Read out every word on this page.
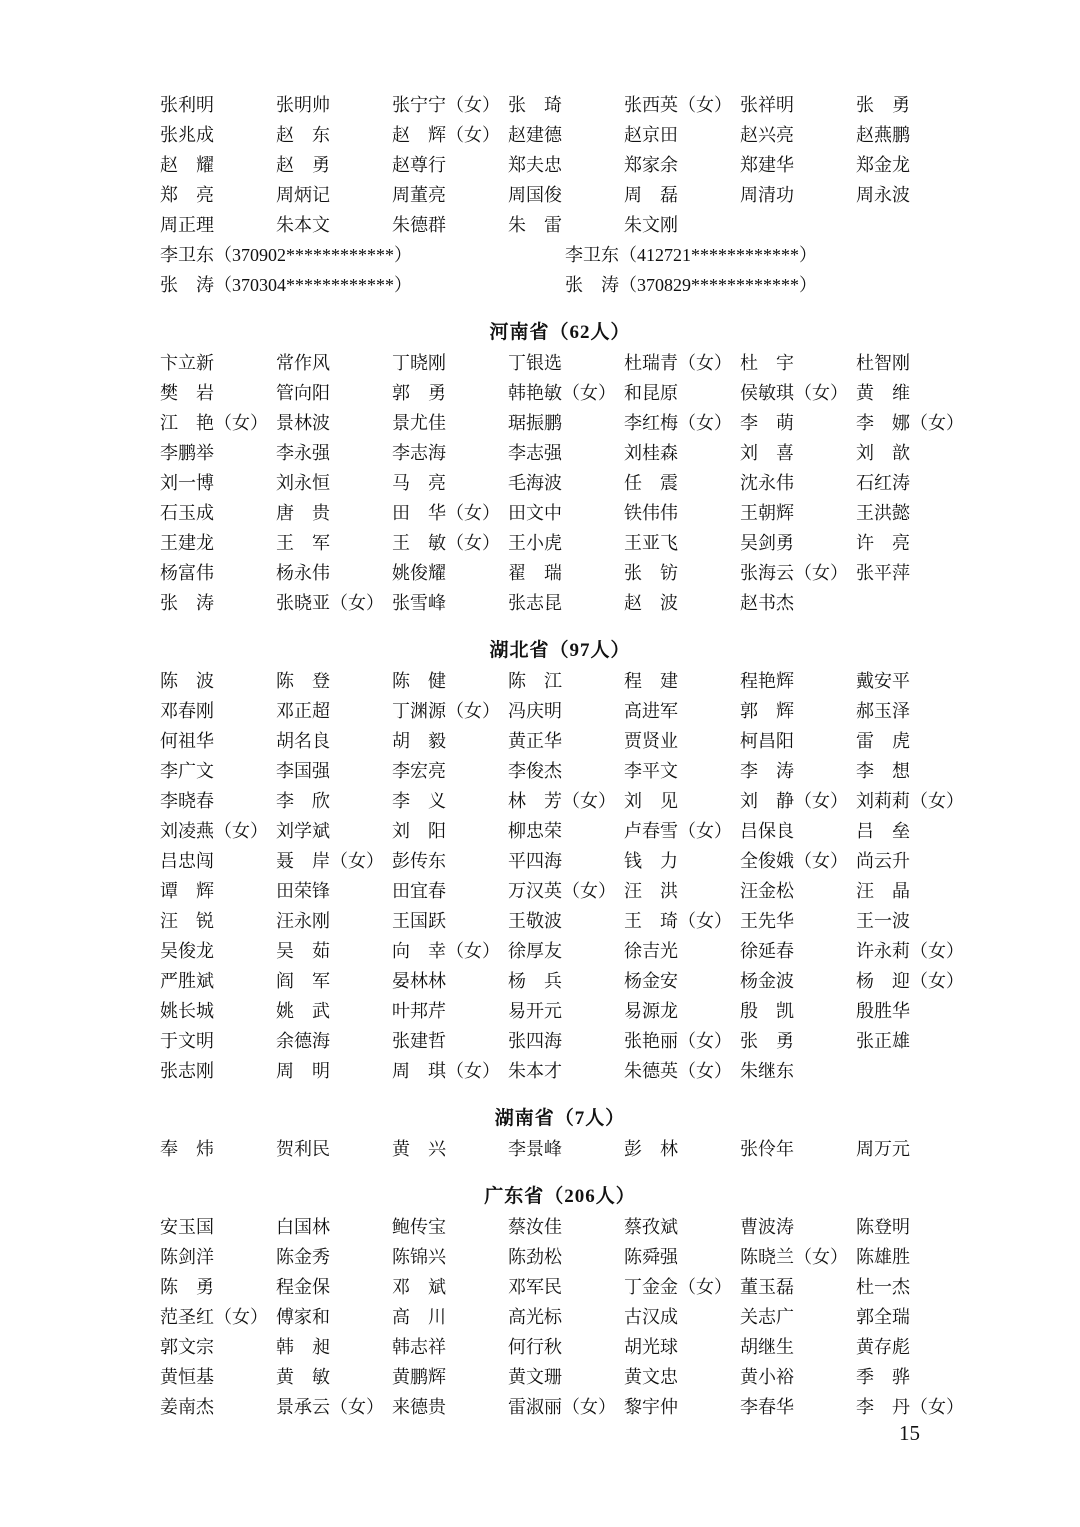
张利明	张明帅	张宁宁（女） 张　琦	张西英（女） 张祥明	张　勇
张兆成	赵　东	赵　辉（女） 赵建德	赵京田	赵兴亮	赵燕鹏
赵　耀	赵　勇	赵尊行	郑夫忠	郑家余	郑建华	郑金龙
郑　亮	周炳记	周董亮	周国俊	周　磊	周清功	周永波
周正理	朱本文	朱德群	朱　雷	朱文刚
李卫东（370902************）	李卫东（412721************）
张　涛（370304************）	张　涛（370829************）
河南省（62人）
卞立新	常作风	丁晓刚	丁银选	杜瑞青（女） 杜　宇	杜智刚
樊　岩	管向阳	郭　勇	韩艳敏（女） 和昆原	侯敏琪（女） 黄　维
江　艳（女） 景林波	景尤佳	琚振鹏	李红梅（女） 李　萌	李　娜（女）
李鹏举	李永强	李志海	李志强	刘桂森	刘　喜	刘　歆
刘一博	刘永恒	马　亮	毛海波	任　震	沈永伟	石红涛
石玉成	唐　贵	田　华（女） 田文中	铁伟伟	王朝辉	王洪懿
王建龙	王　军	王　敏（女） 王小虎	王亚飞	吴剑勇	许　亮
杨富伟	杨永伟	姚俊耀	翟　瑞	张　钫	张海云（女） 张平萍
张　涛	张晓亚（女） 张雪峰	张志昆	赵　波	赵书杰
湖北省（97人）
陈　波	陈　登	陈　健	陈　江	程　建	程艳辉	戴安平
邓春刚	邓正超	丁渊源（女） 冯庆明	高进军	郭　辉	郝玉泽
何祖华	胡名良	胡　毅	黄正华	贾贤业	柯昌阳	雷　虎
李广文	李国强	李宏亮	李俊杰	李平文	李　涛	李　想
李晓春	李　欣	李　义	林　芳（女） 刘　见	刘　静（女） 刘莉莉（女）
刘凌燕（女） 刘学斌	刘　阳	柳忠荣	卢春雪（女） 吕保良	吕　垒
吕忠闯	聂　岸（女） 彭传东	平四海	钱　力	全俊娥（女） 尚云升
谭　辉	田荣锋	田宜春	万汉英（女） 汪　洪	汪金松	汪　晶
汪　锐	汪永刚	王国跃	王敬波	王　琦（女） 王先华	王一波
吴俊龙	吴　茹	向　幸（女） 徐厚友	徐吉光	徐延春	许永莉（女）
严胜斌	阎　军	晏林林	杨　兵	杨金安	杨金波	杨　迎（女）
姚长城	姚　武	叶邦芹	易开元	易源龙	殷　凯	殷胜华
于文明	余德海	张建哲	张四海	张艳丽（女） 张　勇	张正雄
张志刚	周　明	周　琪（女） 朱本才	朱德英（女） 朱继东
湖南省（7人）
奉　炜	贺利民	黄　兴	李景峰	彭　林	张伶年	周万元
广东省（206人）
安玉国	白国林	鲍传宝	蔡汝佳	蔡孜斌	曹波涛	陈登明
陈剑洋	陈金秀	陈锦兴	陈劲松	陈舜强	陈晓兰（女） 陈雄胜
陈　勇	程金保	邓　斌	邓军民	丁金金（女） 董玉磊	杜一杰
范圣红（女） 傅家和	高　川	高光标	古汉成	关志广	郭全瑞
郭文宗	韩　昶	韩志祥	何行秋	胡光球	胡继生	黄存彪
黄恒基	黄　敏	黄鹏辉	黄文珊	黄文忠	黄小裕	季　骅
姜南杰	景承云（女） 来德贵	雷淑丽（女） 黎宇仲	李春华	李　丹（女）
15
